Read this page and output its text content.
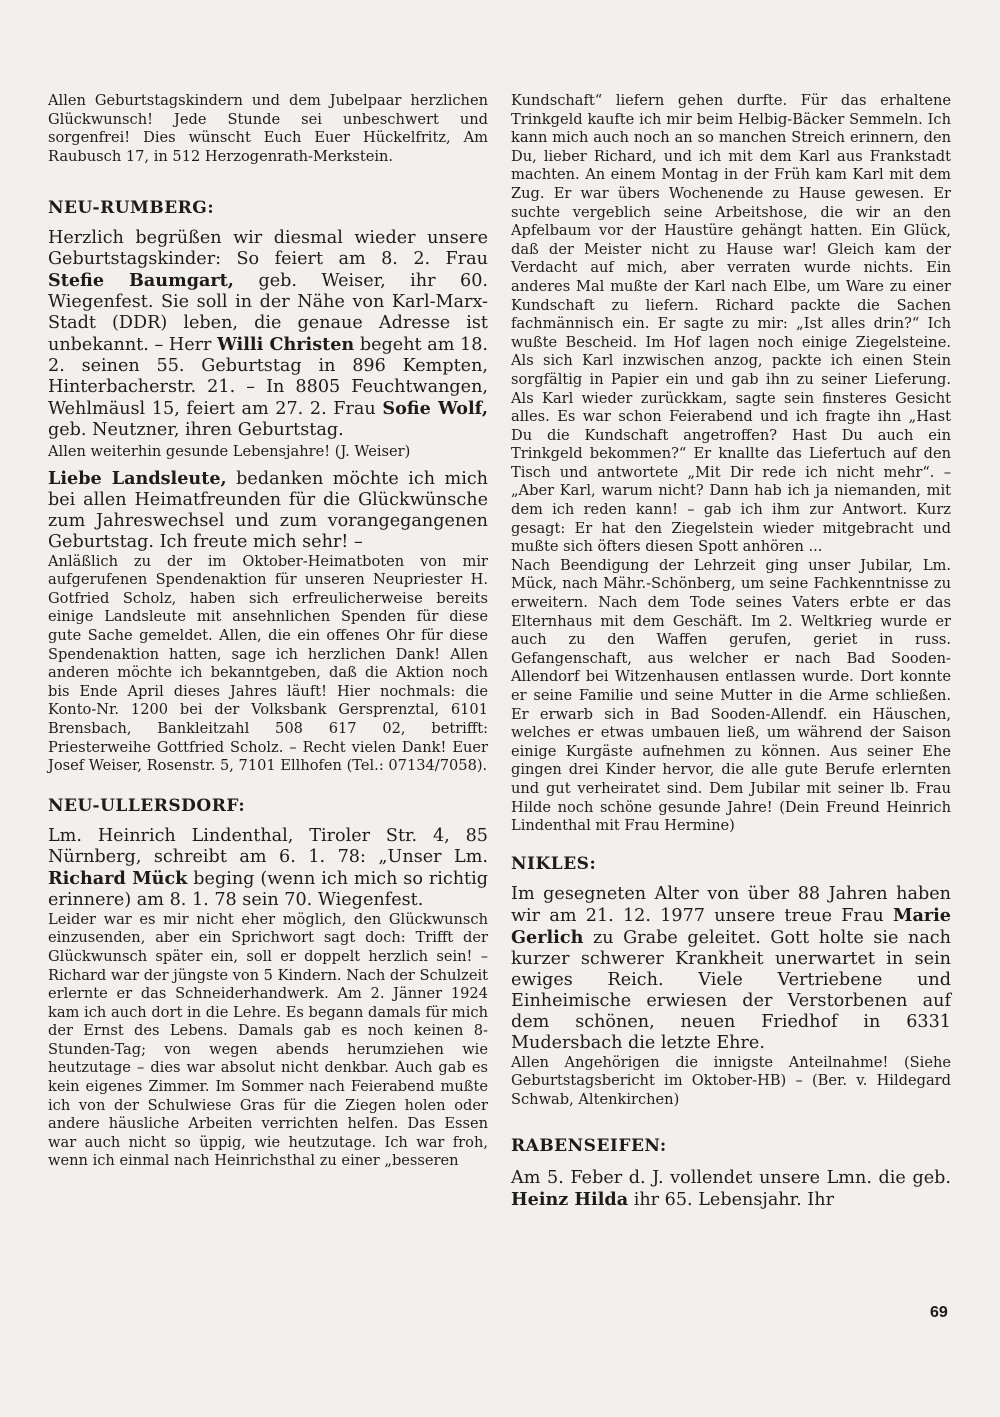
Allen Geburtstagskindern und dem Jubelpaar herzlichen Glückwunsch! Jede Stunde sei unbeschwert und sorgenfrei! Dies wünscht Euch Euer Hückelfritz, Am Raubusch 17, in 512 Herzogenrath-Merkstein.

NEU-RUMBERG:

Herzlich begrüßen wir diesmal wieder unsere Geburtstagskinder: So feiert am 8. 2. Frau Stefie Baumgart, geb. Weiser, ihr 60. Wiegenfest. Sie soll in der Nähe von Karl-Marx-Stadt (DDR) leben, die genaue Adresse ist unbekannt. – Herr Willi Christen begeht am 18. 2. seinen 55. Geburtstag in 896 Kempten, Hinterbacherstr. 21. – In 8805 Feuchtwangen, Wehlmäusl 15, feiert am 27. 2. Frau Sofie Wolf, geb. Neutzner, ihren Geburtstag.

Allen weiterhin gesunde Lebensjahre! (J. Weiser)

Liebe Landsleute, bedanken möchte ich mich bei allen Heimatfreunden für die Glückwünsche zum Jahreswechsel und zum vorangegangenen Geburtstag. Ich freute mich sehr! –

Anläßlich zu der im Oktober-Heimatboten von mir aufgerufenen Spendenaktion für unseren Neupriester H. Gotfried Scholz, haben sich erfreulicherweise bereits einige Landsleute mit ansehnlichen Spenden für diese gute Sache gemeldet. Allen, die ein offenes Ohr für diese Spendenaktion hatten, sage ich herzlichen Dank! Allen anderen möchte ich bekanntgeben, daß die Aktion noch bis Ende April dieses Jahres läuft! Hier nochmals: die Konto-Nr. 1200 bei der Volksbank Gersprenztal, 6101 Brensbach, Bankleitzahl 508 617 02, betrifft: Priesterweihe Gottfried Scholz. – Recht vielen Dank! Euer Josef Weiser, Rosenstr. 5, 7101 Ellhofen (Tel.: 07134/7058).

NEU-ULLERSDORF:

Lm. Heinrich Lindenthal, Tiroler Str. 4, 85 Nürnberg, schreibt am 6. 1. 78: „Unser Lm. Richard Mück beging (wenn ich mich so richtig erinnere) am 8. 1. 78 sein 70. Wiegenfest.

Leider war es mir nicht eher möglich, den Glückwunsch einzusenden, aber ein Sprichwort sagt doch: Trifft der Glückwunsch später ein, soll er doppelt herzlich sein! – Richard war der jüngste von 5 Kindern. Nach der Schulzeit erlernte er das Schneiderhandwerk. Am 2. Jänner 1924 kam ich auch dort in die Lehre. Es begann damals für mich der Ernst des Lebens. Damals gab es noch keinen 8-Stunden-Tag; von wegen abends herumziehen wie heutzutage – dies war absolut nicht denkbar. Auch gab es kein eigenes Zimmer. Im Sommer nach Feierabend mußte ich von der Schulwiese Gras für die Ziegen holen oder andere häusliche Arbeiten verrichten helfen. Das Essen war auch nicht so üppig, wie heutzutage. Ich war froh, wenn ich einmal nach Heinrichsthal zu einer „besseren

Kundschaft“ liefern gehen durfte. Für das erhaltene Trinkgeld kaufte ich mir beim Helbig-Bäcker Semmeln. Ich kann mich auch noch an so manchen Streich erinnern, den Du, lieber Richard, und ich mit dem Karl aus Frankstadt machten. An einem Montag in der Früh kam Karl mit dem Zug. Er war übers Wochenende zu Hause gewesen. Er suchte vergeblich seine Arbeitshose, die wir an den Apfelbaum vor der Haustüre gehängt hatten. Ein Glück, daß der Meister nicht zu Hause war! Gleich kam der Verdacht auf mich, aber verraten wurde nichts. Ein anderes Mal mußte der Karl nach Elbe, um Ware zu einer Kundschaft zu liefern. Richard packte die Sachen fachmännisch ein. Er sagte zu mir: „Ist alles drin?“ Ich wußte Bescheid. Im Hof lagen noch einige Ziegelsteine. Als sich Karl inzwischen anzog, packte ich einen Stein sorgfältig in Papier ein und gab ihn zu seiner Lieferung. Als Karl wieder zurückkam, sagte sein finsteres Gesicht alles. Es war schon Feierabend und ich fragte ihn „Hast Du die Kundschaft angetroffen? Hast Du auch ein Trinkgeld bekommen?“ Er knallte das Liefertuch auf den Tisch und antwortete „Mit Dir rede ich nicht mehr“. – „Aber Karl, warum nicht? Dann hab ich ja niemanden, mit dem ich reden kann! – gab ich ihm zur Antwort. Kurz gesagt: Er hat den Ziegelstein wieder mitgebracht und mußte sich öfters diesen Spott anhören ...

Nach Beendigung der Lehrzeit ging unser Jubilar, Lm. Mück, nach Mähr.-Schönberg, um seine Fachkenntnisse zu erweitern. Nach dem Tode seines Vaters erbte er das Elternhaus mit dem Geschäft. Im 2. Weltkrieg wurde er auch zu den Waffen gerufen, geriet in russ. Gefangenschaft, aus welcher er nach Bad Sooden-Allendorf bei Witzenhausen entlassen wurde. Dort konnte er seine Familie und seine Mutter in die Arme schließen. Er erwarb sich in Bad Sooden-Allendf. ein Häuschen, welches er etwas umbauen ließ, um während der Saison einige Kurgäste aufnehmen zu können. Aus seiner Ehe gingen drei Kinder hervor, die alle gute Berufe erlernten und gut verheiratet sind. Dem Jubilar mit seiner lb. Frau Hilde noch schöne gesunde Jahre! (Dein Freund Heinrich Lindenthal mit Frau Hermine)

NIKLES:

Im gesegneten Alter von über 88 Jahren haben wir am 21. 12. 1977 unsere treue Frau Marie Gerlich zu Grabe geleitet. Gott holte sie nach kurzer schwerer Krankheit unerwartet in sein ewiges Reich. Viele Vertriebene und Einheimische erwiesen der Verstorbenen auf dem schönen, neuen Friedhof in 6331 Mudersbach die letzte Ehre.

Allen Angehörigen die innigste Anteilnahme! (Siehe Geburtstagsbericht im Oktober-HB) – (Ber. v. Hildegard Schwab, Altenkirchen)

RABENSEIFEN:

Am 5. Feber d. J. vollendet unsere Lmn. die geb. Heinz Hilda ihr 65. Lebensjahr. Ihr

69
